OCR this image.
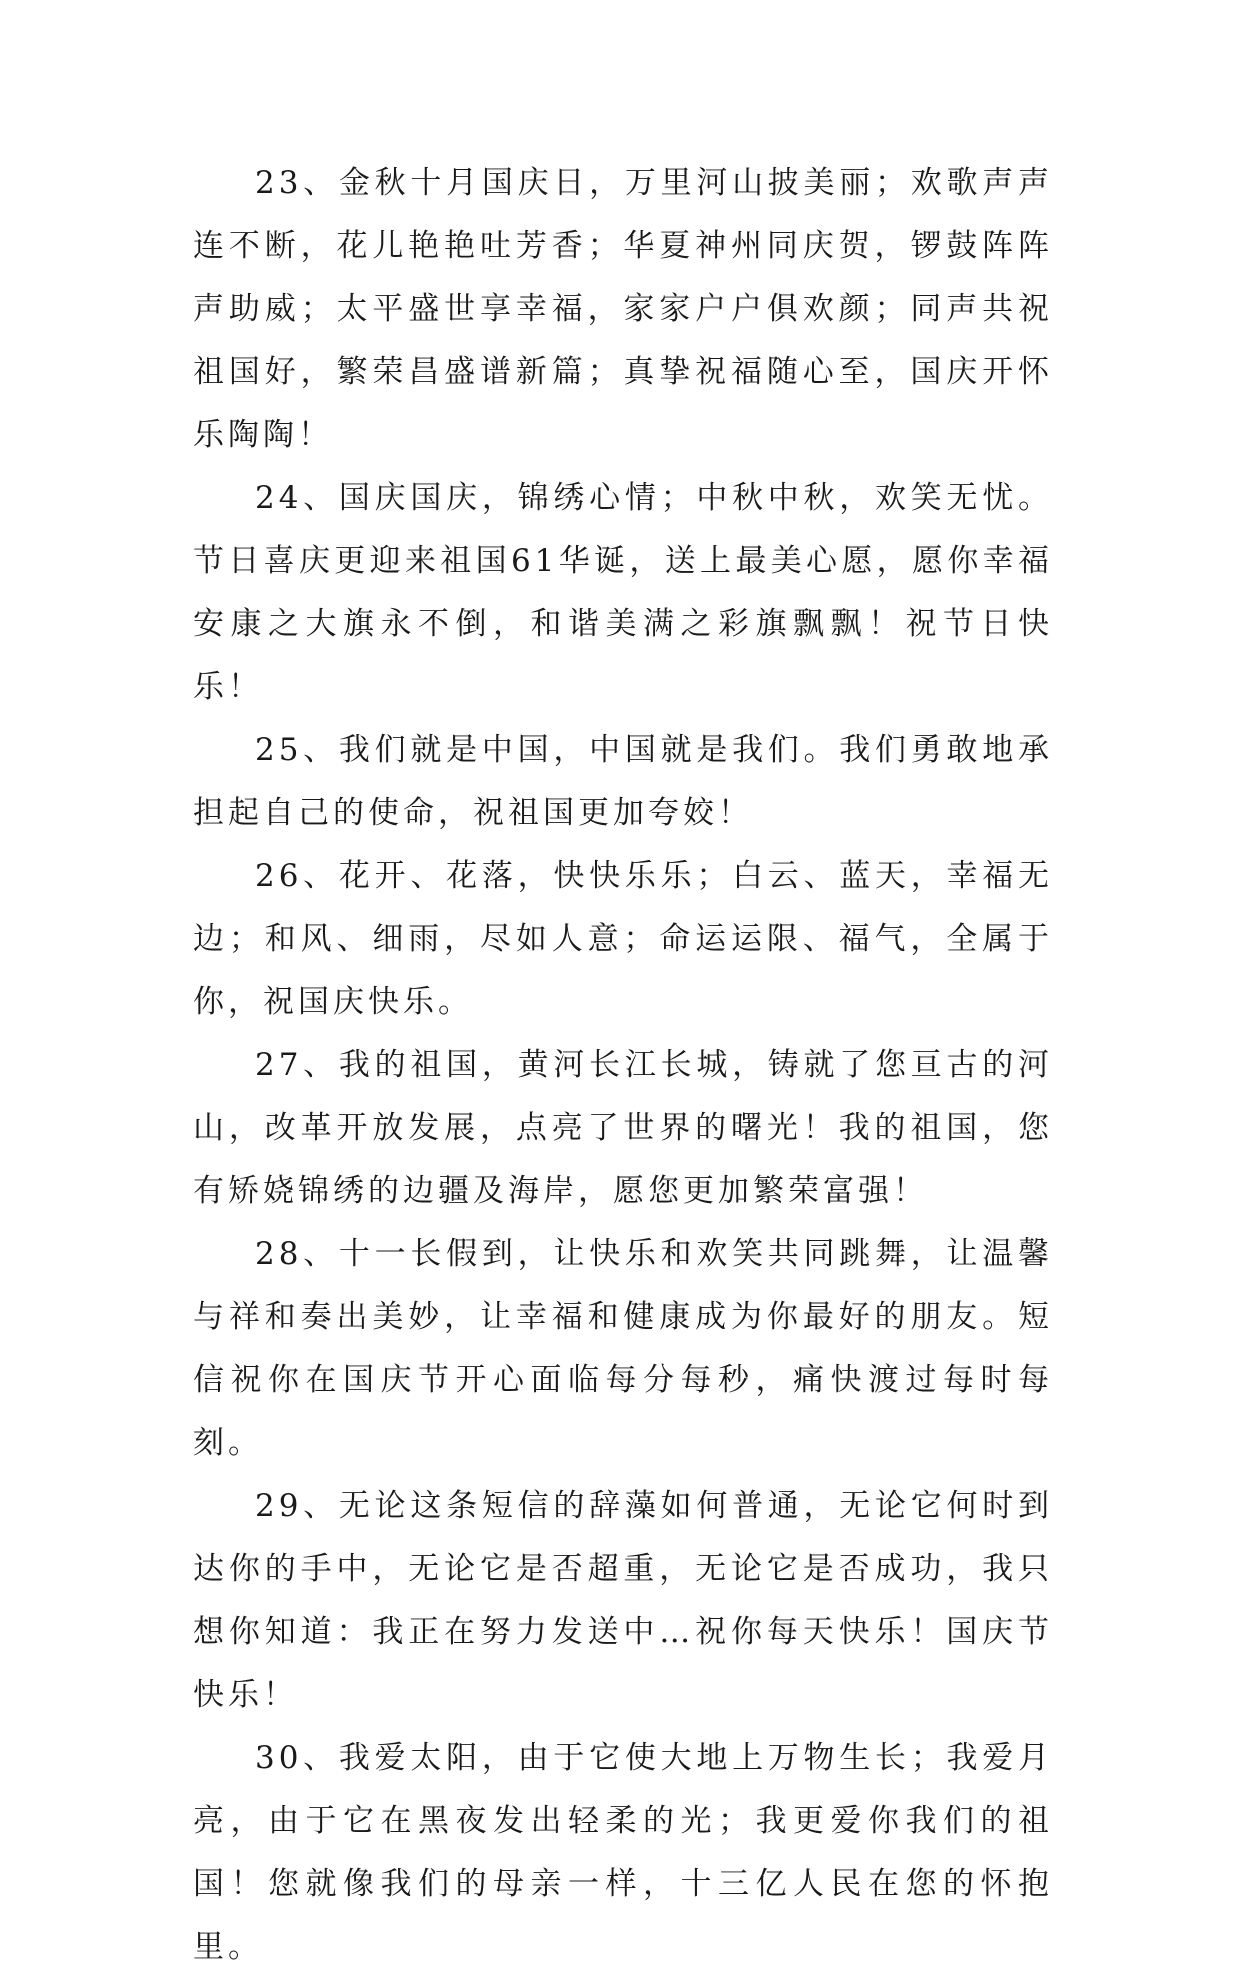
23、金秋十月国庆日，万里河山披美丽；欢歌声声连不断，花儿艳艳吐芳香；华夏神州同庆贺，锣鼓阵阵声助威；太平盛世享幸福，家家户户俱欢颜；同声共祝祖国好，繁荣昌盛谱新篇；真挚祝福随心至，国庆开怀乐陶陶！

24、国庆国庆，锦绣心情；中秋中秋，欢笑无忧。节日喜庆更迎来祖国61华诞，送上最美心愿，愿你幸福安康之大旗永不倒，和谐美满之彩旗飘飘！祝节日快乐！

25、我们就是中国，中国就是我们。我们勇敢地承担起自己的使命，祝祖国更加夸姣！

26、花开、花落，快快乐乐；白云、蓝天，幸福无边；和风、细雨，尽如人意；命运运限、福气，全属于你，祝国庆快乐。

27、我的祖国，黄河长江长城，铸就了您亘古的河山，改革开放发展，点亮了世界的曙光！我的祖国，您有矫娆锦绣的边疆及海岸，愿您更加繁荣富强！

28、十一长假到，让快乐和欢笑共同跳舞，让温馨与祥和奏出美妙，让幸福和健康成为你最好的朋友。短信祝你在国庆节开心面临每分每秒，痛快渡过每时每刻。

29、无论这条短信的辞藻如何普通，无论它何时到达你的手中，无论它是否超重，无论它是否成功，我只想你知道：我正在努力发送中…祝你每天快乐！国庆节快乐！

30、我爱太阳，由于它使大地上万物生长；我爱月亮，由于它在黑夜发出轻柔的光；我更爱你我们的祖国！您就像我们的母亲一样，十三亿人民在您的怀抱里。
